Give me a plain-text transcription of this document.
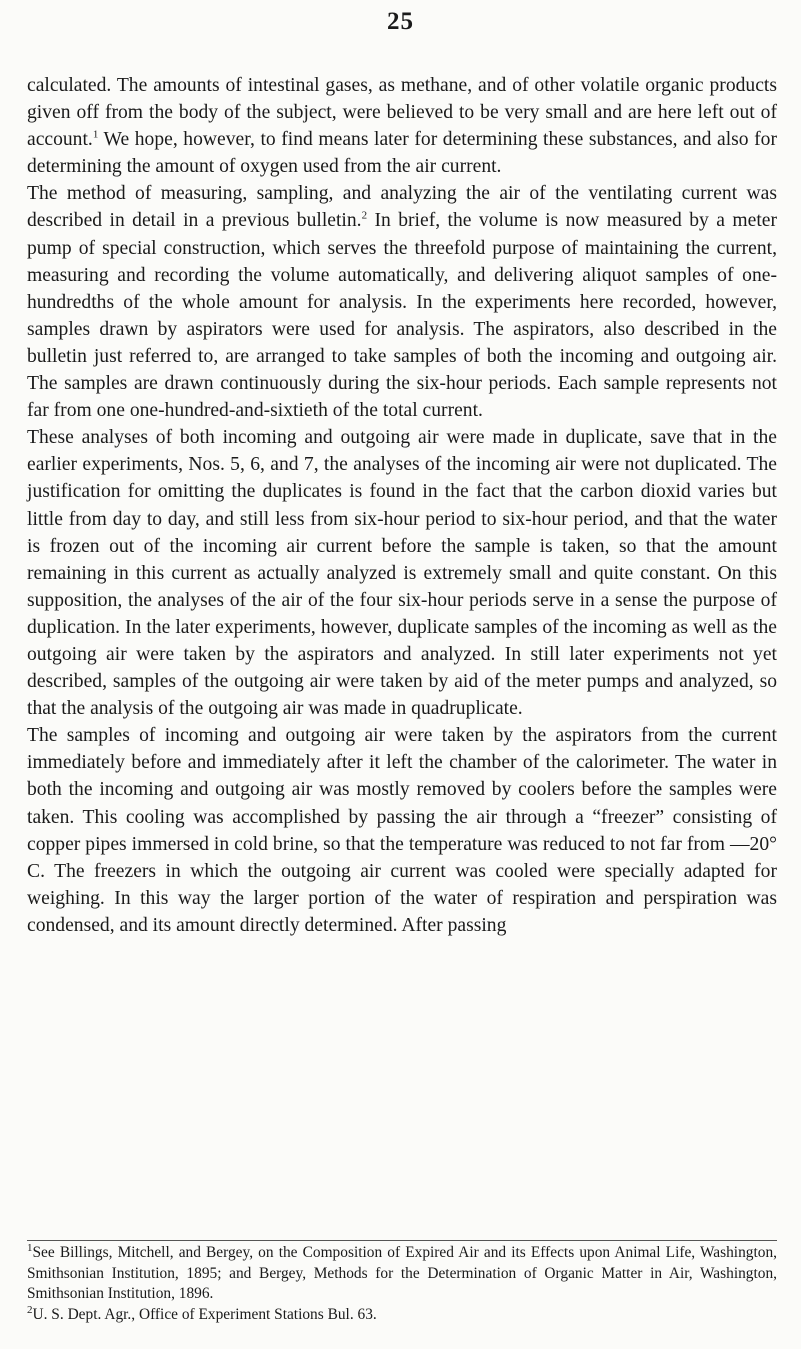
25

calculated. The amounts of intestinal gases, as methane, and of other volatile organic products given off from the body of the subject, were believed to be very small and are here left out of account.$^1$ We hope, however, to find means later for determining these substances, and also for determining the amount of oxygen used from the air current.

The method of measuring, sampling, and analyzing the air of the ventilating current was described in detail in a previous bulletin.$^2$ In brief, the volume is now measured by a meter pump of special construction, which serves the threefold purpose of maintaining the current, measuring and recording the volume automatically, and delivering aliquot samples of one-hundredths of the whole amount for analysis. In the experiments here recorded, however, samples drawn by aspirators were used for analysis. The aspirators, also described in the bulletin just referred to, are arranged to take samples of both the incoming and outgoing air. The samples are drawn continuously during the six-hour periods. Each sample represents not far from one one-hundred-and-sixtieth of the total current.

These analyses of both incoming and outgoing air were made in duplicate, save that in the earlier experiments, Nos. 5, 6, and 7, the analyses of the incoming air were not duplicated. The justification for omitting the duplicates is found in the fact that the carbon dioxid varies but little from day to day, and still less from six-hour period to six-hour period, and that the water is frozen out of the incoming air current before the sample is taken, so that the amount remaining in this current as actually analyzed is extremely small and quite constant. On this supposition, the analyses of the air of the four six-hour periods serve in a sense the purpose of duplication. In the later experiments, however, duplicate samples of the incoming as well as the outgoing air were taken by the aspirators and analyzed. In still later experiments not yet described, samples of the outgoing air were taken by aid of the meter pumps and analyzed, so that the analysis of the outgoing air was made in quadruplicate.

The samples of incoming and outgoing air were taken by the aspirators from the current immediately before and immediately after it left the chamber of the calorimeter. The water in both the incoming and outgoing air was mostly removed by coolers before the samples were taken. This cooling was accomplished by passing the air through a “freezer” consisting of copper pipes immersed in cold brine, so that the temperature was reduced to not far from —20° C. The freezers in which the outgoing air current was cooled were specially adapted for weighing. In this way the larger portion of the water of respiration and perspiration was condensed, and its amount directly determined. After passing

$^1$See Billings, Mitchell, and Bergey, on the Composition of Expired Air and its Effects upon Animal Life, Washington, Smithsonian Institution, 1895; and Bergey, Methods for the Determination of Organic Matter in Air, Washington, Smithsonian Institution, 1896.

$^2$U. S. Dept. Agr., Office of Experiment Stations Bul. 63.
